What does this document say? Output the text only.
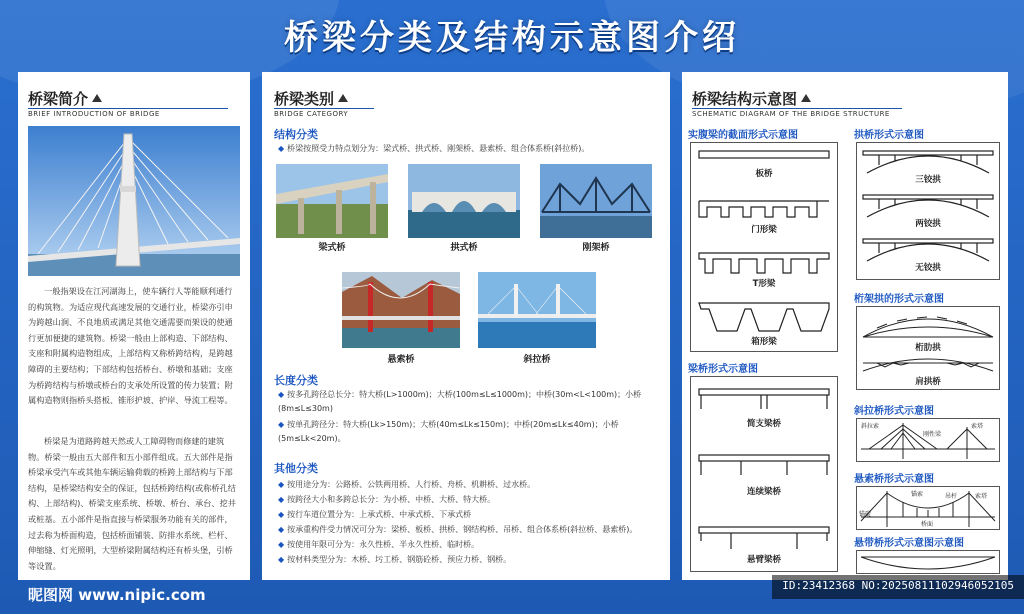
桥梁分类及结构示意图介绍
桥梁简介
BRIEF INTRODUCTION OF BRIDGE
一般指架设在江河湖海上，使车辆行人等能顺利通行的构筑物。为适应现代高速发展的交通行业，桥梁亦引申为跨越山涧、不良地质或满足其他交通需要而架设的使通行更加便捷的建筑物。桥梁一般由上部构造、下部结构、支座和附属构造物组成，上部结构又称桥跨结构，是跨越障碍的主要结构；下部结构包括桥台、桥墩和基础；支座为桥跨结构与桥墩或桥台的支承处所设置的传力装置；附属构造物则指桥头搭板、锥形护坡、护岸、导流工程等。
桥梁是为道路跨越天然或人工障碍物而修建的建筑物。桥梁一般由五大部件和五小部件组成。五大部件是指桥梁承受汽车或其他车辆运输荷载的桥跨上部结构与下部结构，是桥梁结构安全的保证，包括桥跨结构(或称桥孔结构、上部结构)、桥梁支座系统、桥墩、桥台、承台、挖井或桩基。五小部件是指直接与桥梁服务功能有关的部件，过去称为桥面构造，包括桥面铺装、防排水系统、栏杆、伸缩缝、灯光照明，大型桥梁附属结构还有桥头堡，引桥等设置。
桥梁类别
BRIDGE CATEGORY
结构分类
◆ 桥梁按照受力特点划分为：梁式桥、拱式桥、刚架桥、悬索桥、组合体系桥(斜拉桥)。
梁式桥	拱式桥	刚架桥
悬索桥	斜拉桥
长度分类
◆ 按多孔跨径总长分：特大桥(L>1000m)；大桥(100m≤L≤1000m)；中桥(30m<L<100m)；小桥(8m≤L≤30m)
◆ 按单孔跨径分：特大桥(Lk>150m)；大桥(40m≤Lk≤150m)；中桥(20m≤Lk≤40m)；小桥(5m≤Lk<20m)。
其他分类
◆ 按用途分为：公路桥、公铁两用桥、人行桥、舟桥、机耕桥、过水桥。
◆ 按跨径大小和多跨总长分：为小桥、中桥、大桥、特大桥。
◆ 按行车道位置分为：上承式桥、中承式桥、下承式桥
◆ 按承重构件受力情况可分为：梁桥、板桥、拱桥、钢结构桥、吊桥、组合体系桥(斜拉桥、悬索桥)。
◆ 按使用年限可分为：永久性桥、半永久性桥、临时桥。
◆ 按材料类型分为：木桥、圬工桥、钢筋砼桥、预应力桥、钢桥。
桥梁结构示意图
SCHEMATIC DIAGRAM OF THE BRIDGE STRUCTURE
实腹梁的截面形式示意图
板桥
门形梁
T形梁
箱形梁
梁桥形式示意图
简支梁桥
连续梁桥
悬臂梁桥
拱桥形式示意图
三铰拱
两铰拱
无铰拱
桁架拱的形式示意图
桁肋拱
肩拱桥
斜拉桥形式示意图
斜拉索	索塔
刚性梁
悬索桥形式示意图
锚索	吊杆	索塔
锚碇
桥面
悬带桥形式示意图示意图
昵图网 www.nipic.com
ID:23412368 NO:20250811102946052105
